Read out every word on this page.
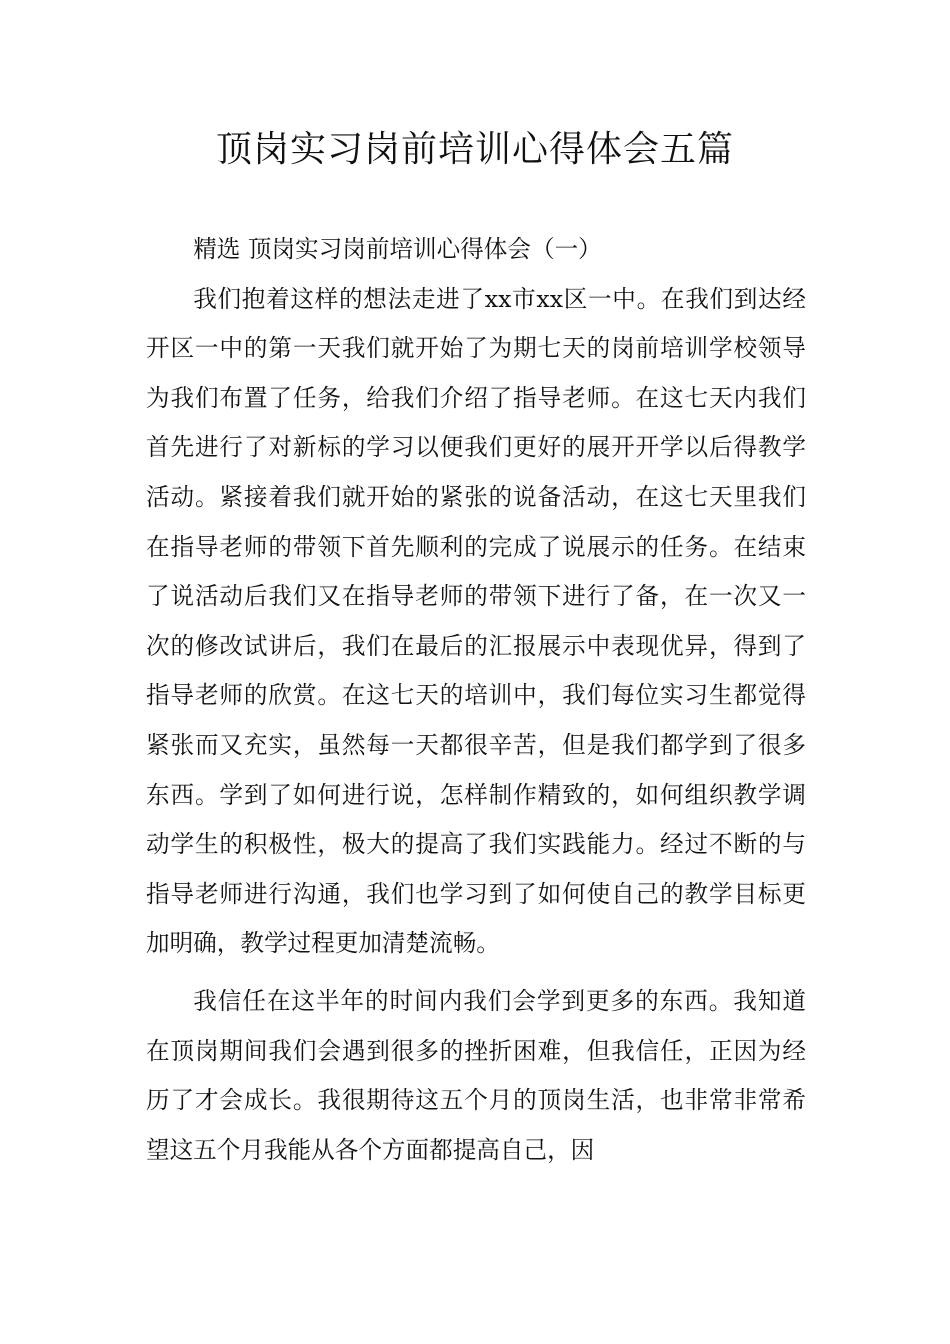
顶岗实习岗前培训心得体会五篇

精选 顶岗实习岗前培训心得体会（一）

我们抱着这样的想法走进了xx市xx区一中。在我们到达经开区一中的第一天我们就开始了为期七天的岗前培训学校领导为我们布置了任务，给我们介绍了指导老师。在这七天内我们首先进行了对新标的学习以便我们更好的展开开学以后得教学活动。紧接着我们就开始的紧张的说备活动，在这七天里我们在指导老师的带领下首先顺利的完成了说展示的任务。在结束了说活动后我们又在指导老师的带领下进行了备，在一次又一次的修改试讲后，我们在最后的汇报展示中表现优异，得到了指导老师的欣赏。在这七天的培训中，我们每位实习生都觉得紧张而又充实，虽然每一天都很辛苦，但是我们都学到了很多东西。学到了如何进行说，怎样制作精致的，如何组织教学调动学生的积极性，极大的提高了我们实践能力。经过不断的与指导老师进行沟通，我们也学习到了如何使自己的教学目标更加明确，教学过程更加清楚流畅。

我信任在这半年的时间内我们会学到更多的东西。我知道在顶岗期间我们会遇到很多的挫折困难，但我信任，正因为经历了才会成长。我很期待这五个月的顶岗生活，也非常非常希望这五个月我能从各个方面都提高自己，因
